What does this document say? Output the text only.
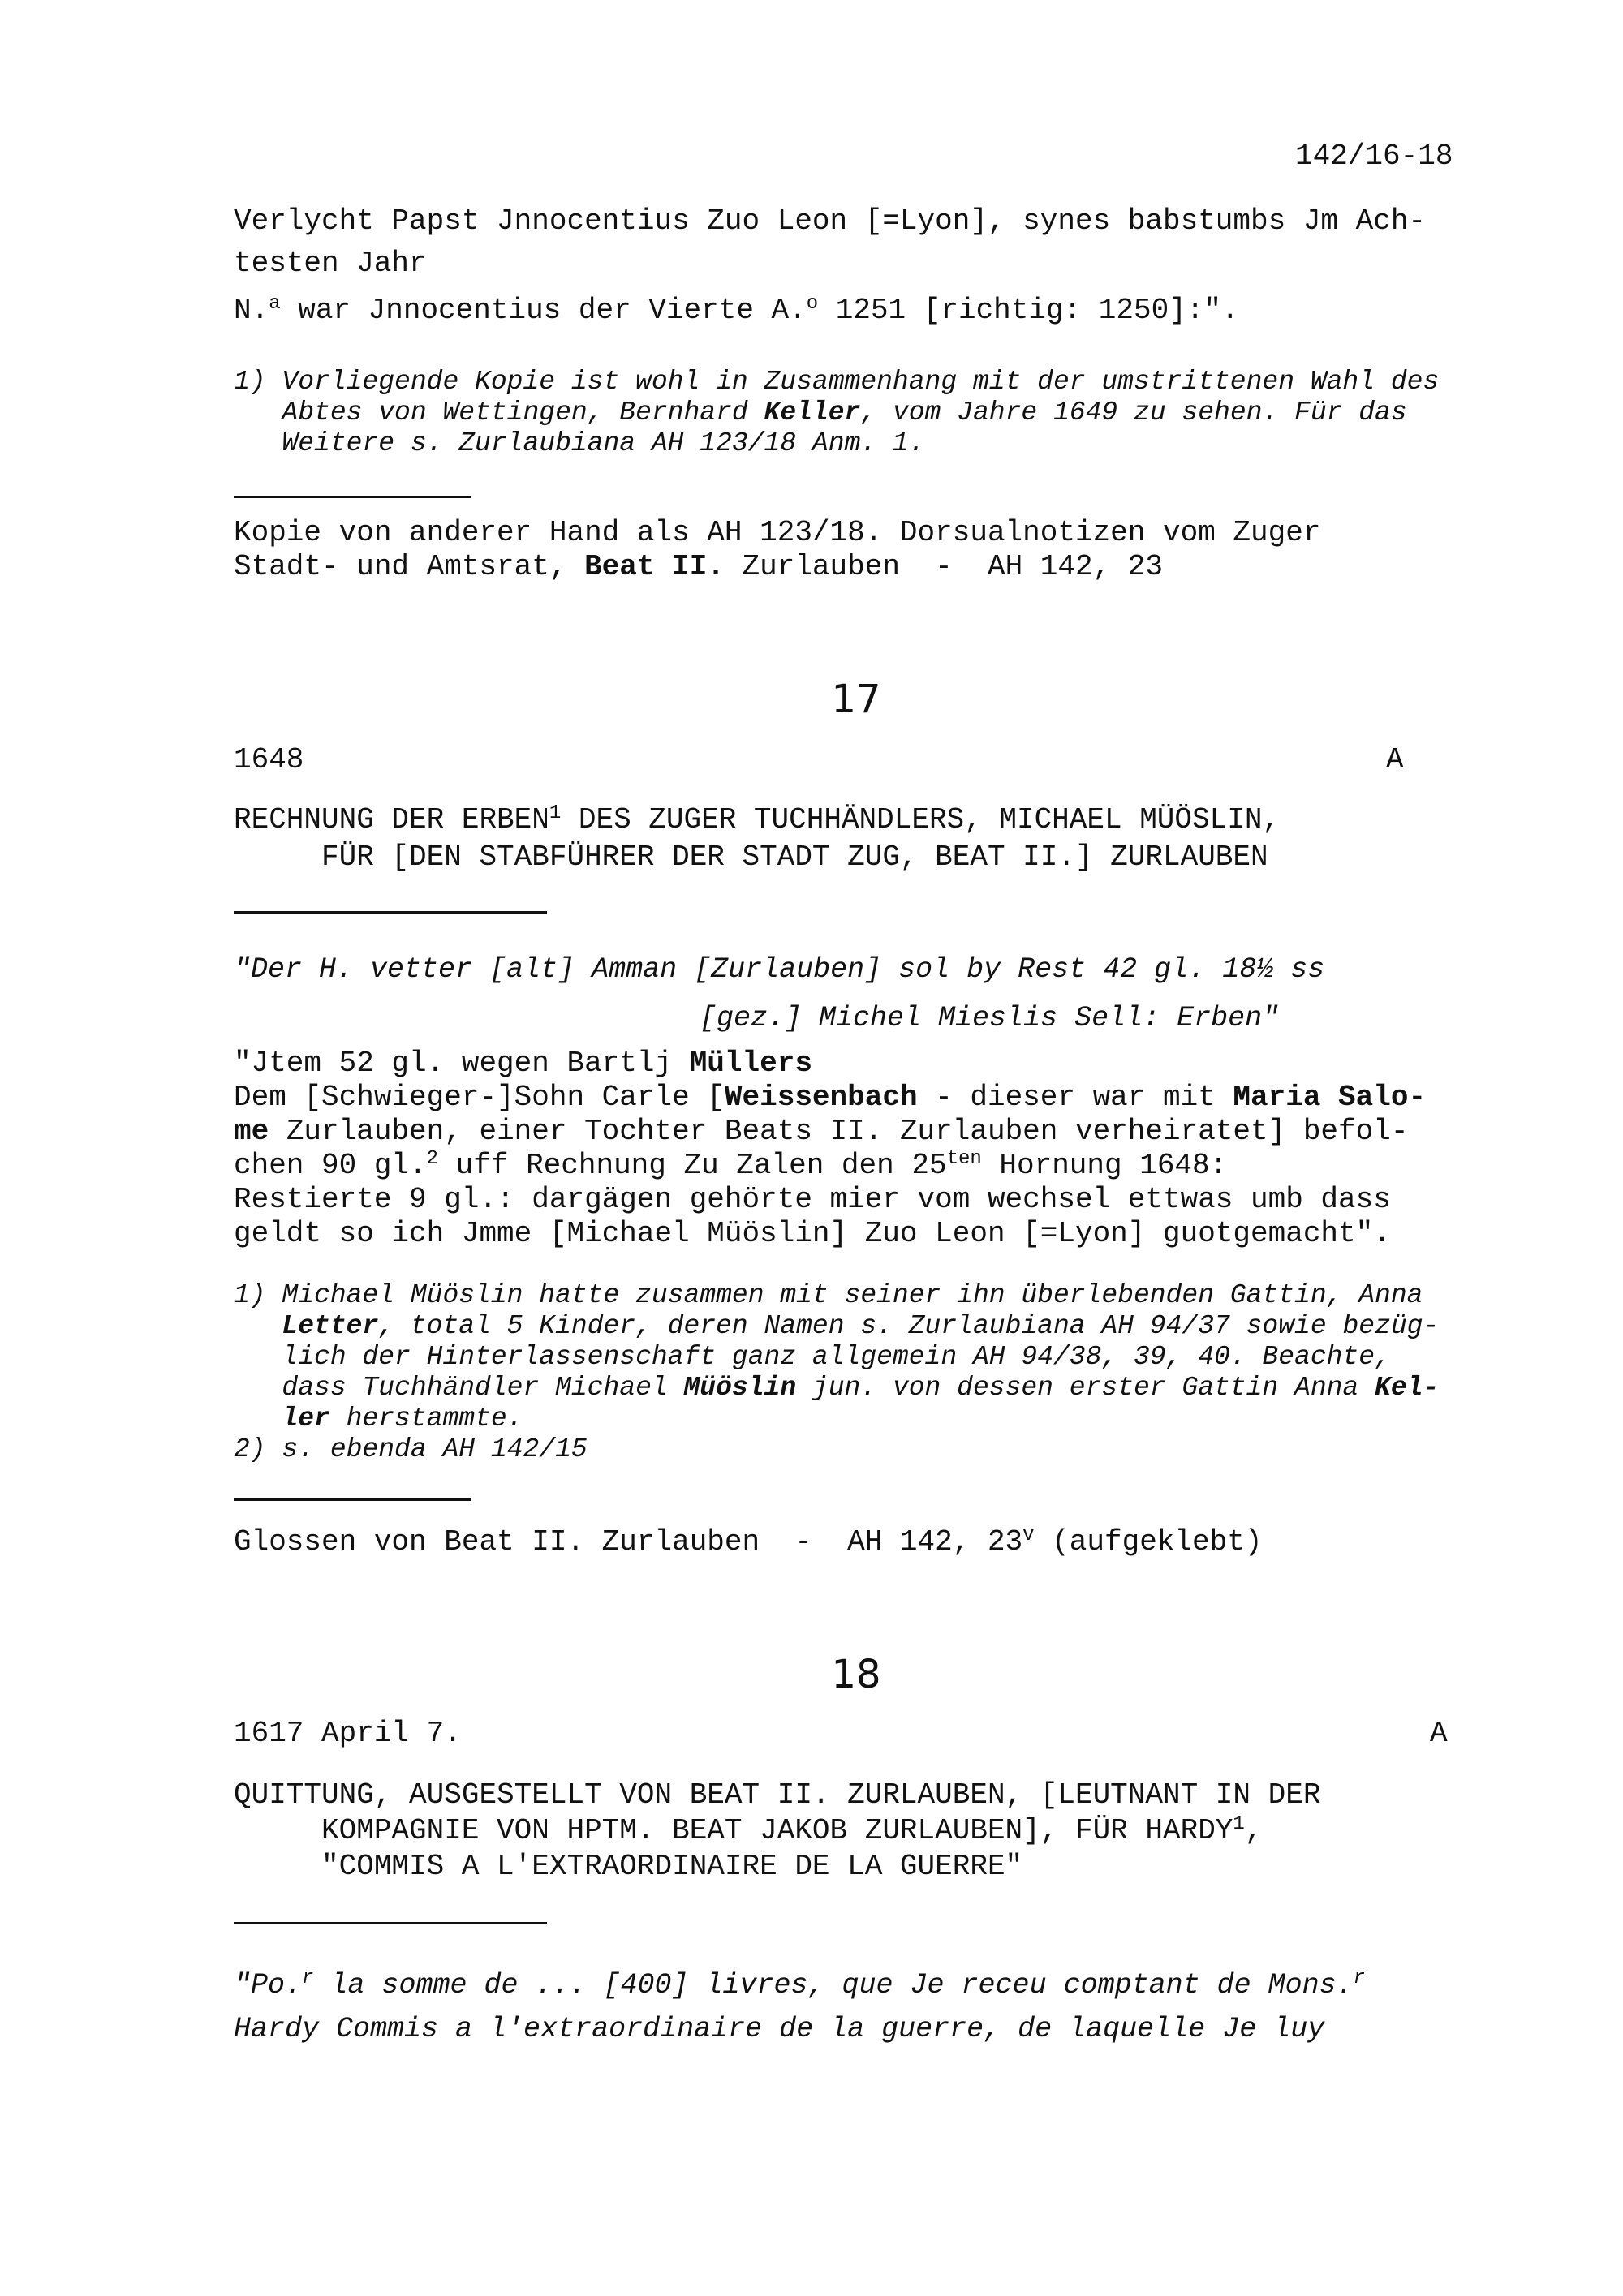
142/16-18
Verlycht Papst Jnnocentius Zuo Leon [=Lyon], synes babstumbs Jm Ach-
testen Jahr
N.$^a$ war Jnnocentius der Vierte A.$^o$ 1251 [richtig: 1250]:".
1) Vorliegende Kopie ist wohl in Zusammenhang mit der umstrittenen Wahl des
Abtes von Wettingen, Bernhard Keller, vom Jahre 1649 zu sehen. Für das
Weitere s. Zurlaubiana AH 123/18 Anm. 1.
Kopie von anderer Hand als AH 123/18. Dorsualnotizen vom Zuger
Stadt- und Amtsrat, Beat II. Zurlauben  -  AH 142, 23
17
1648	A
RECHNUNG DER ERBEN$^1$ DES ZUGER TUCHHÄNDLERS, MICHAEL MÜÖSLIN,
FÜR [DEN STABFÜHRER DER STADT ZUG, BEAT II.] ZURLAUBEN
"Der H. vetter [alt] Amman [Zurlauben] sol by Rest 42 gl. 18½ ss
[gez.] Michel Mieslis Sell: Erben"
"Jtem 52 gl. wegen Bartlj Müllers
Dem [Schwieger-]Sohn Carle [Weissenbach - dieser war mit Maria Salo-
me Zurlauben, einer Tochter Beats II. Zurlauben verheiratet] befol-
chen 90 gl.$^2$ uff Rechnung Zu Zalen den $25^{ten}$ Hornung 1648:
Restierte 9 gl.: dargägen gehörte mier vom wechsel ettwas umb dass
geldt so ich Jmme [Michael Müöslin] Zuo Leon [=Lyon] guotgemacht".
1) Michael Müöslin hatte zusammen mit seiner ihn überlebenden Gattin, Anna
Letter, total 5 Kinder, deren Namen s. Zurlaubiana AH 94/37 sowie bezüg-
lich der Hinterlassenschaft ganz allgemein AH 94/38, 39, 40. Beachte,
dass Tuchhändler Michael Müöslin jun. von dessen erster Gattin Anna Kel-
ler herstammte.
2) s. ebenda AH 142/15
Glossen von Beat II. Zurlauben  -  AH 142, 23$^v$ (aufgeklebt)
18
1617 April 7.	A
QUITTUNG, AUSGESTELLT VON BEAT II. ZURLAUBEN, [LEUTNANT IN DER
KOMPAGNIE VON HPTM. BEAT JAKOB ZURLAUBEN], FÜR HARDY$^1$,
"COMMIS A L'EXTRAORDINAIRE DE LA GUERRE"
"Po.$^r$ la somme de ... [400] livres, que Je receu comptant de Mons.$^r$
Hardy Commis a l'extraordinaire de la guerre, de laquelle Je luy
